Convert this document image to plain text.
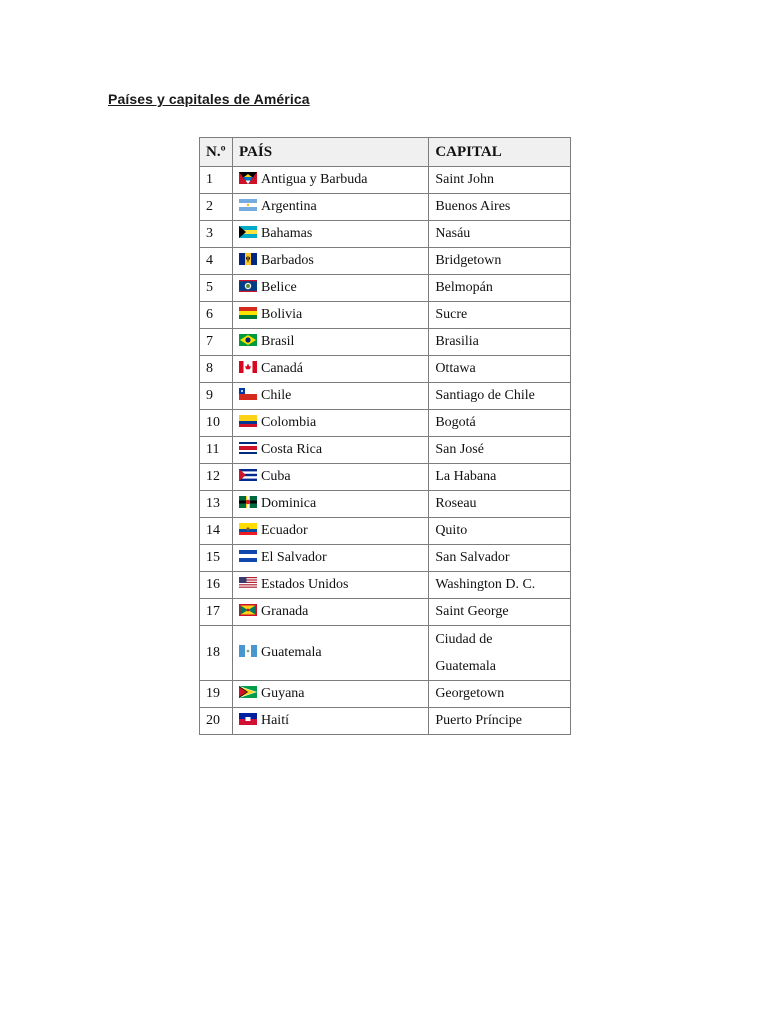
Países y capitales de América
N.º	PAÍS	CAPITAL
1	Antigua y Barbuda	Saint John
2	Argentina	Buenos Aires
3	Bahamas	Nasáu
4	Barbados	Bridgetown
5	Belice	Belmopán
6	Bolivia	Sucre
7	Brasil	Brasilia
8	Canadá	Ottawa
9	Chile	Santiago de Chile
10	Colombia	Bogotá
11	Costa Rica	San José
12	Cuba	La Habana
13	Dominica	Roseau
14	Ecuador	Quito
15	El Salvador	San Salvador
16	Estados Unidos	Washington D. C.
17	Granada	Saint George
18	Guatemala	Ciudad de
Guatemala
19	Guyana	Georgetown
20	Haití	Puerto Príncipe
